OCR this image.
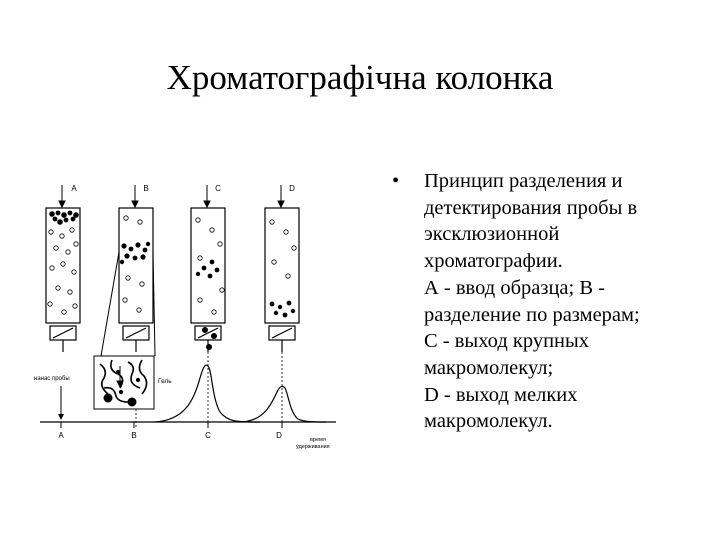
Хроматографічна колонка
•	Принцип разделения и
детектирования пробы в
эксклюзионной
хроматографии.
А - ввод образца; В -
разделение по размерам;
С - выход крупных
макромолекул;
D - выход мелких
макромолекул.
A	B	C	D
Гель
нанас пробы
A	B	C	D	время
удерживания
